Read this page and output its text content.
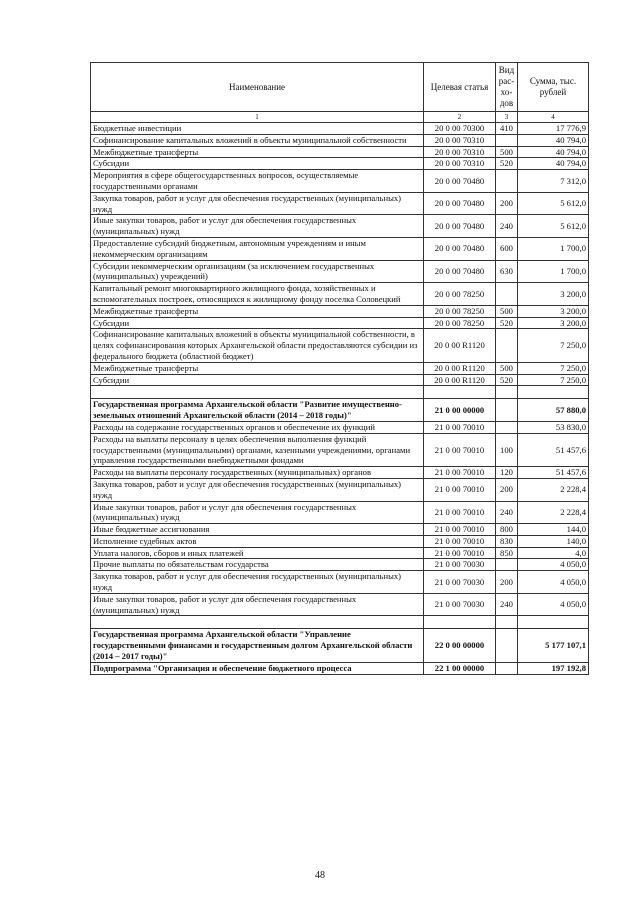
Наименование	Целевая статья	Вид рас- хо- дов	Сумма, тыс. рублей
1	2	3	4
Бюджетные инвестиции	20 0 00 70300	410	17 776,9
Софинансирование капитальных вложений в объекты муниципальной собственности	20 0 00 70310		40 794,0
Межбюджетные трансферты	20 0 00 70310	500	40 794,0
Субсидии	20 0 00 70310	520	40 794,0
Мероприятия в сфере общегосударственных вопросов, осуществляемые государственными органами	20 0 00 70480		7 312,0
Закупка товаров, работ и услуг для обеспечения государственных (муниципальных) нужд	20 0 00 70480	200	5 612,0
Иные закупки товаров, работ и услуг для обеспечения государственных (муниципальных) нужд	20 0 00 70480	240	5 612,0
Предоставление субсидий бюджетным, автономным учреждениям и иным некоммерческим организациям	20 0 00 70480	600	1 700,0
Субсидии некоммерческим организациям (за исключением государственных (муниципальных) учреждений)	20 0 00 70480	630	1 700,0
Капитальный ремонт многоквартирного жилищного фонда, хозяйственных и вспомогательных построек, относящихся к жилищному фонду поселка Соловецкий	20 0 00 78250		3 200,0
Межбюджетные трансферты	20 0 00 78250	500	3 200,0
Субсидии	20 0 00 78250	520	3 200,0
Софинансирование капитальных вложений в объекты муниципальной собственности, в целях софинансирования которых Архангельской области предоставляются субсидии из федерального бюджета (областной бюджет)	20 0 00 R1120		7 250,0
Межбюджетные трансферты	20 0 00 R1120	500	7 250,0
Субсидии	20 0 00 R1120	520	7 250,0

Государственная программа Архангельской области "Развитие имущественно-земельных отношений Архангельской области (2014 – 2018 годы)"	21 0 00 00000		57 880,0
Расходы на содержание государственных органов и обеспечение их функций	21 0 00 70010		53 830,0
Расходы на выплаты персоналу в целях обеспечения выполнения функций государственными (муниципальными) органами, казенными учреждениями, органами управления государственными внебюджетными фондами	21 0 00 70010	100	51 457,6
Расходы на выплаты персоналу государственных (муниципальных) органов	21 0 00 70010	120	51 457,6
Закупка товаров, работ и услуг для обеспечения государственных (муниципальных) нужд	21 0 00 70010	200	2 228,4
Иные закупки товаров, работ и услуг для обеспечения государственных (муниципальных) нужд	21 0 00 70010	240	2 228,4
Иные бюджетные ассигнования	21 0 00 70010	800	144,0
Исполнение судебных актов	21 0 00 70010	830	140,0
Уплата налогов, сборов и иных платежей	21 0 00 70010	850	4,0
Прочие выплаты по обязательствам государства	21 0 00 70030		4 050,0
Закупка товаров, работ и услуг для обеспечения государственных (муниципальных) нужд	21 0 00 70030	200	4 050,0
Иные закупки товаров, работ и услуг для обеспечения государственных (муниципальных) нужд	21 0 00 70030	240	4 050,0

Государственная программа Архангельской области "Управление государственными финансами и государственным долгом Архангельской области (2014 – 2017 годы)"	22 0 00 00000		5 177 107,1
Подпрограмма "Организация и обеспечение бюджетного процесса	22 1 00 00000		197 192,8
48
